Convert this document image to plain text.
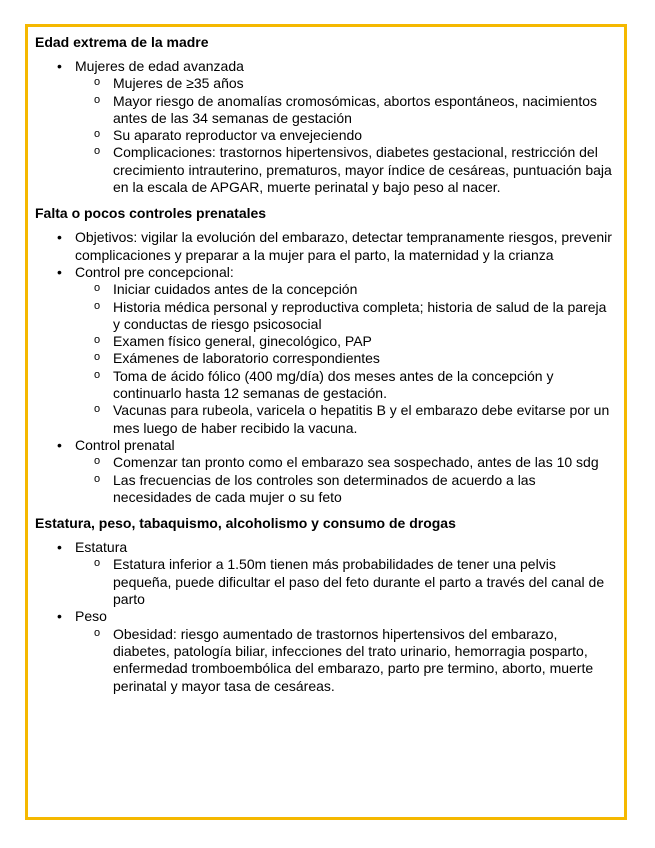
Edad extrema de la madre
• Mujeres de edad avanzada
o Mujeres de ≥35 años
o Mayor riesgo de anomalías cromosómicas, abortos espontáneos, nacimientos antes de las 34 semanas de gestación
o Su aparato reproductor va envejeciendo
o Complicaciones: trastornos hipertensivos, diabetes gestacional, restricción del crecimiento intrauterino, prematuros, mayor índice de cesáreas, puntuación baja en la escala de APGAR, muerte perinatal y bajo peso al nacer.
Falta o pocos controles prenatales
• Objetivos: vigilar la evolución del embarazo, detectar tempranamente riesgos, prevenir complicaciones y preparar a la mujer para el parto, la maternidad y la crianza
• Control pre concepcional:
o Iniciar cuidados antes de la concepción
o Historia médica personal y reproductiva completa; historia de salud de la pareja y conductas de riesgo psicosocial
o Examen físico general, ginecológico, PAP
o Exámenes de laboratorio correspondientes
o Toma de ácido fólico (400 mg/día) dos meses antes de la concepción y continuarlo hasta 12 semanas de gestación.
o Vacunas para rubeola, varicela o hepatitis B y el embarazo debe evitarse por un mes luego de haber recibido la vacuna.
• Control prenatal
o Comenzar tan pronto como el embarazo sea sospechado, antes de las 10 sdg
o Las frecuencias de los controles son determinados de acuerdo a las necesidades de cada mujer o su feto
Estatura, peso, tabaquismo, alcoholismo y consumo de drogas
• Estatura
o Estatura inferior a 1.50m tienen más probabilidades de tener una pelvis pequeña, puede dificultar el paso del feto durante el parto a través del canal de parto
• Peso
o Obesidad: riesgo aumentado de trastornos hipertensivos del embarazo, diabetes, patología biliar, infecciones del trato urinario, hemorragia posparto, enfermedad tromboembólica del embarazo, parto pre termino, aborto, muerte perinatal y mayor tasa de cesáreas.
